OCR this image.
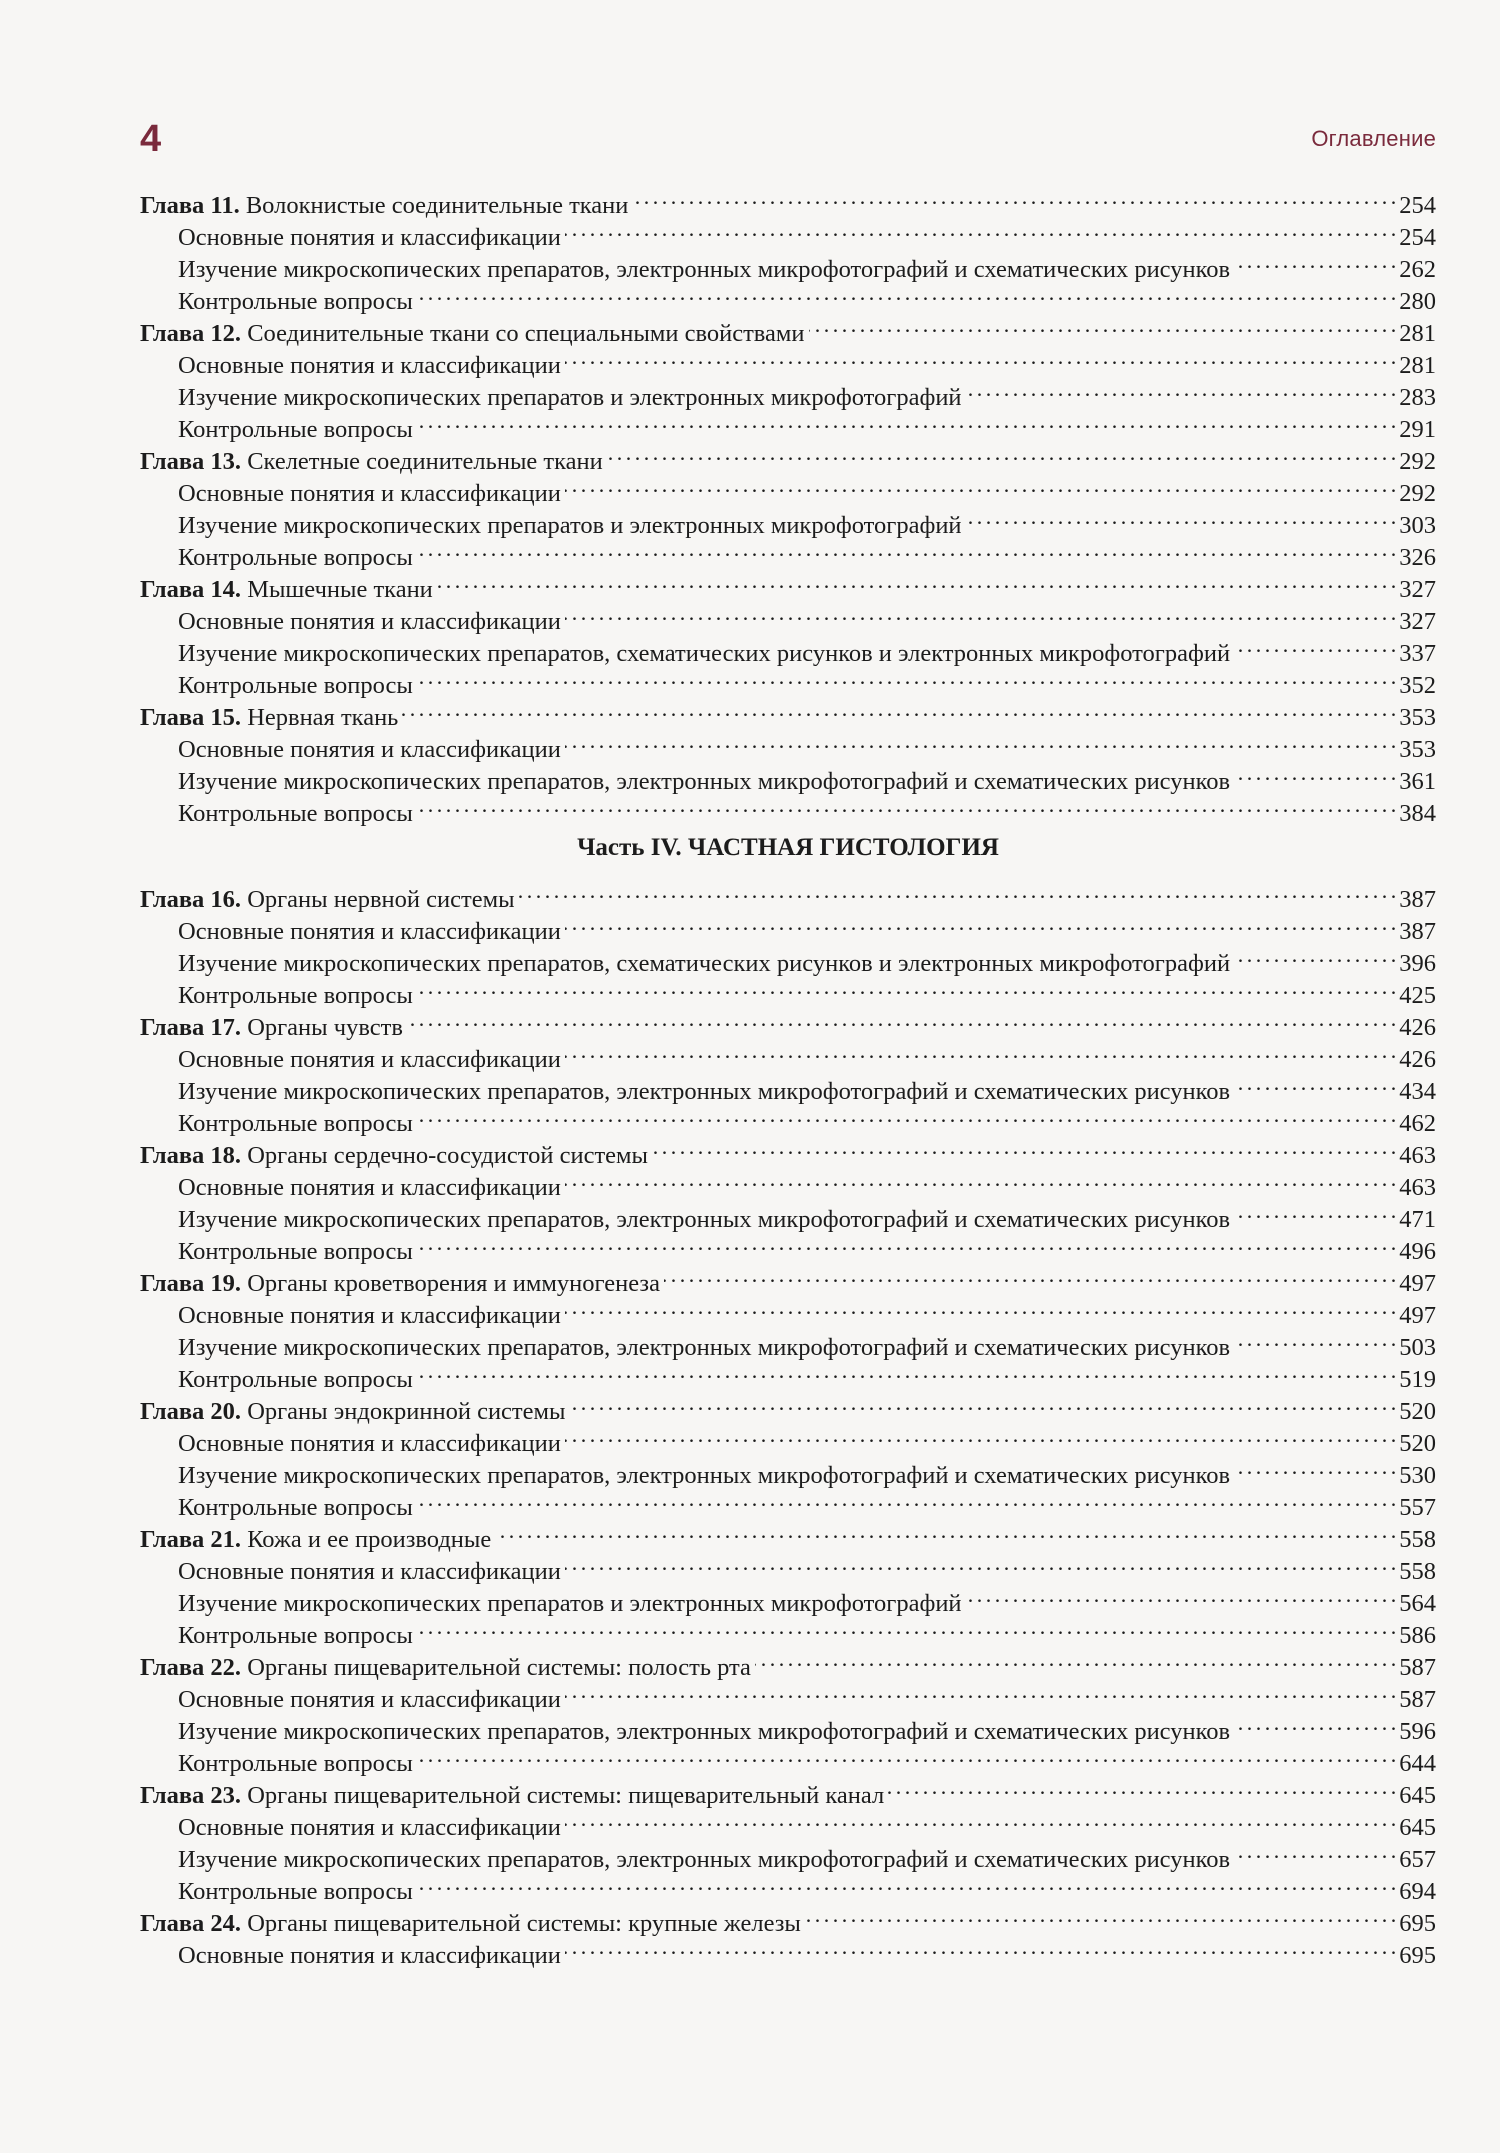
4	Оглавление
Глава 11. Волокнистые соединительные ткани . . .	254
Основные понятия и классификации . . .	254
Изучение микроскопических препаратов, электронных микрофотографий и схематических рисунков . . .	262
Контрольные вопросы . . .	280
Глава 12. Соединительные ткани со специальными свойствами . . .	281
Основные понятия и классификации . . .	281
Изучение микроскопических препаратов и электронных микрофотографий . . .	283
Контрольные вопросы . . .	291
Глава 13. Скелетные соединительные ткани . . .	292
Основные понятия и классификации . . .	292
Изучение микроскопических препаратов и электронных микрофотографий . . .	303
Контрольные вопросы . . .	326
Глава 14. Мышечные ткани . . .	327
Основные понятия и классификации . . .	327
Изучение микроскопических препаратов, схематических рисунков и электронных микрофотографий . . .	337
Контрольные вопросы . . .	352
Глава 15. Нервная ткань . . .	353
Основные понятия и классификации . . .	353
Изучение микроскопических препаратов, электронных микрофотографий и схематических рисунков . . .	361
Контрольные вопросы . . .	384
Часть IV. ЧАСТНАЯ ГИСТОЛОГИЯ
Глава 16. Органы нервной системы . . .	387
Основные понятия и классификации . . .	387
Изучение микроскопических препаратов, схематических рисунков и электронных микрофотографий . . .	396
Контрольные вопросы . . .	425
Глава 17. Органы чувств . . .	426
Основные понятия и классификации . . .	426
Изучение микроскопических препаратов, электронных микрофотографий и схематических рисунков . . .	434
Контрольные вопросы . . .	462
Глава 18. Органы сердечно-сосудистой системы . . .	463
Основные понятия и классификации . . .	463
Изучение микроскопических препаратов, электронных микрофотографий и схематических рисунков . . .	471
Контрольные вопросы . . .	496
Глава 19. Органы кроветворения и иммуногенеза . . .	497
Основные понятия и классификации . . .	497
Изучение микроскопических препаратов, электронных микрофотографий и схематических рисунков . . .	503
Контрольные вопросы . . .	519
Глава 20. Органы эндокринной системы . . .	520
Основные понятия и классификации . . .	520
Изучение микроскопических препаратов, электронных микрофотографий и схематических рисунков . . .	530
Контрольные вопросы . . .	557
Глава 21. Кожа и ее производные . . .	558
Основные понятия и классификации . . .	558
Изучение микроскопических препаратов и электронных микрофотографий . . .	564
Контрольные вопросы . . .	586
Глава 22. Органы пищеварительной системы: полость рта . . .	587
Основные понятия и классификации . . .	587
Изучение микроскопических препаратов, электронных микрофотографий и схематических рисунков . . .	596
Контрольные вопросы . . .	644
Глава 23. Органы пищеварительной системы: пищеварительный канал . . .	645
Основные понятия и классификации . . .	645
Изучение микроскопических препаратов, электронных микрофотографий и схематических рисунков . . .	657
Контрольные вопросы . . .	694
Глава 24. Органы пищеварительной системы: крупные железы . . .	695
Основные понятия и классификации . . .	695
